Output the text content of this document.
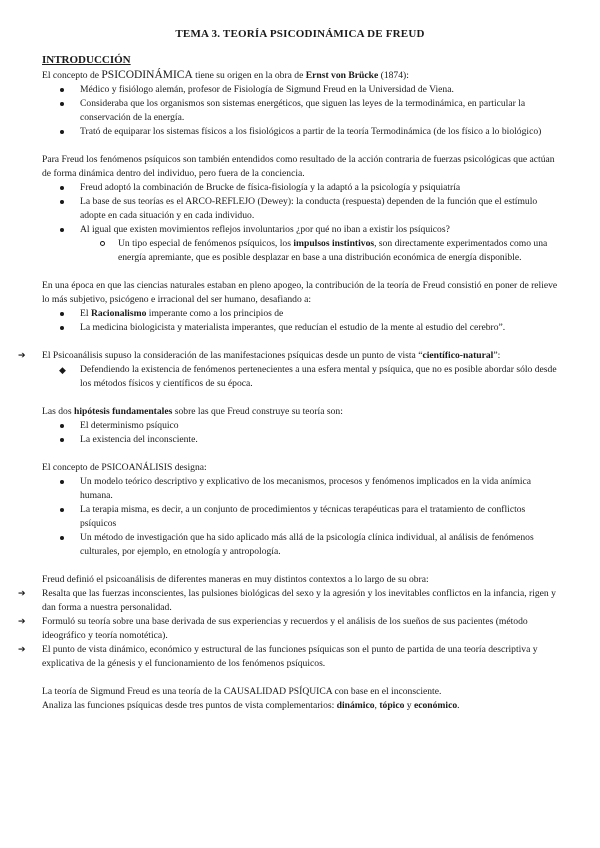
TEMA 3. TEORÍA PSICODINÁMICA DE FREUD
INTRODUCCIÓN

El concepto de PSICODINÁMICA tiene su origen en la obra de Ernst von Brücke (1874):

Médico y fisiólogo alemán, profesor de Fisiología de Sigmund Freud en la Universidad de Viena.
Consideraba que los organismos son sistemas energéticos, que siguen las leyes de la termodinámica, en particular la conservación de la energía.
Trató de equiparar los sistemas físicos a los fisiológicos a partir de la teoría Termodinámica (de los físico a lo biológico)

Para Freud los fenómenos psíquicos son también entendidos como resultado de la acción contraria de fuerzas psicológicas que actúan de forma dinámica dentro del individuo, pero fuera de la conciencia.

Freud adoptó la combinación de Brucke de física-fisiología y la adaptó a la psicología y psiquiatría
La base de sus teorías es el ARCO-REFLEJO (Dewey): la conducta (respuesta) dependen de la función que el estímulo adopte en cada situación y en cada individuo.
Al igual que existen movimientos reflejos involuntarios ¿por qué no iban a existir los psíquicos?
Un tipo especial de fenómenos psíquicos, los impulsos instintivos, son directamente experimentados como una energía apremiante, que es posible desplazar en base a una distribución económica de energía disponible.

En una época en que las ciencias naturales estaban en pleno apogeo, la contribución de la teoría de Freud consistió en poner de relieve lo más subjetivo, psicógeno e irracional del ser humano, desafiando a:

El Racionalismo imperante como a los principios de
La medicina biologicista y materialista imperantes, que reducían el estudio de la mente al estudio del cerebro”.

➔ El Psicoanálisis supuso la consideración de las manifestaciones psíquicas desde un punto de vista “científico-natural”:

◆ Defendiendo la existencia de fenómenos pertenecientes a una esfera mental y psíquica, que no es posible abordar sólo desde los métodos físicos y científicos de su época.

Las dos hipótesis fundamentales sobre las que Freud construye su teoría son:

El determinismo psíquico
La existencia del inconsciente.

El concepto de PSICOANÁLISIS designa:

Un modelo teórico descriptivo y explicativo de los mecanismos, procesos y fenómenos implicados en la vida anímica humana.
La terapia misma, es decir, a un conjunto de procedimientos y técnicas terapéuticas para el tratamiento de conflictos psíquicos
Un método de investigación que ha sido aplicado más allá de la psicología clínica individual, al análisis de fenómenos culturales, por ejemplo, en etnología y antropología.

Freud definió el psicoanálisis de diferentes maneras en muy distintos contextos a lo largo de su obra:

➔ Resalta que las fuerzas inconscientes, las pulsiones biológicas del sexo y la agresión y los inevitables conflictos en la infancia, rigen y dan forma a nuestra personalidad.

➔ Formuló su teoría sobre una base derivada de sus experiencias y recuerdos y el análisis de los sueños de sus pacientes (método ideográfico y teoría nomotética).

➔ El punto de vista dinámico, económico y estructural de las funciones psíquicas son el punto de partida de una teoría descriptiva y explicativa de la génesis y el funcionamiento de los fenómenos psíquicos.

La teoría de Sigmund Freud es una teoría de la CAUSALIDAD PSÍQUICA con base en el inconsciente.

Analiza las funciones psíquicas desde tres puntos de vista complementarios: dinámico, tópico y económico.
